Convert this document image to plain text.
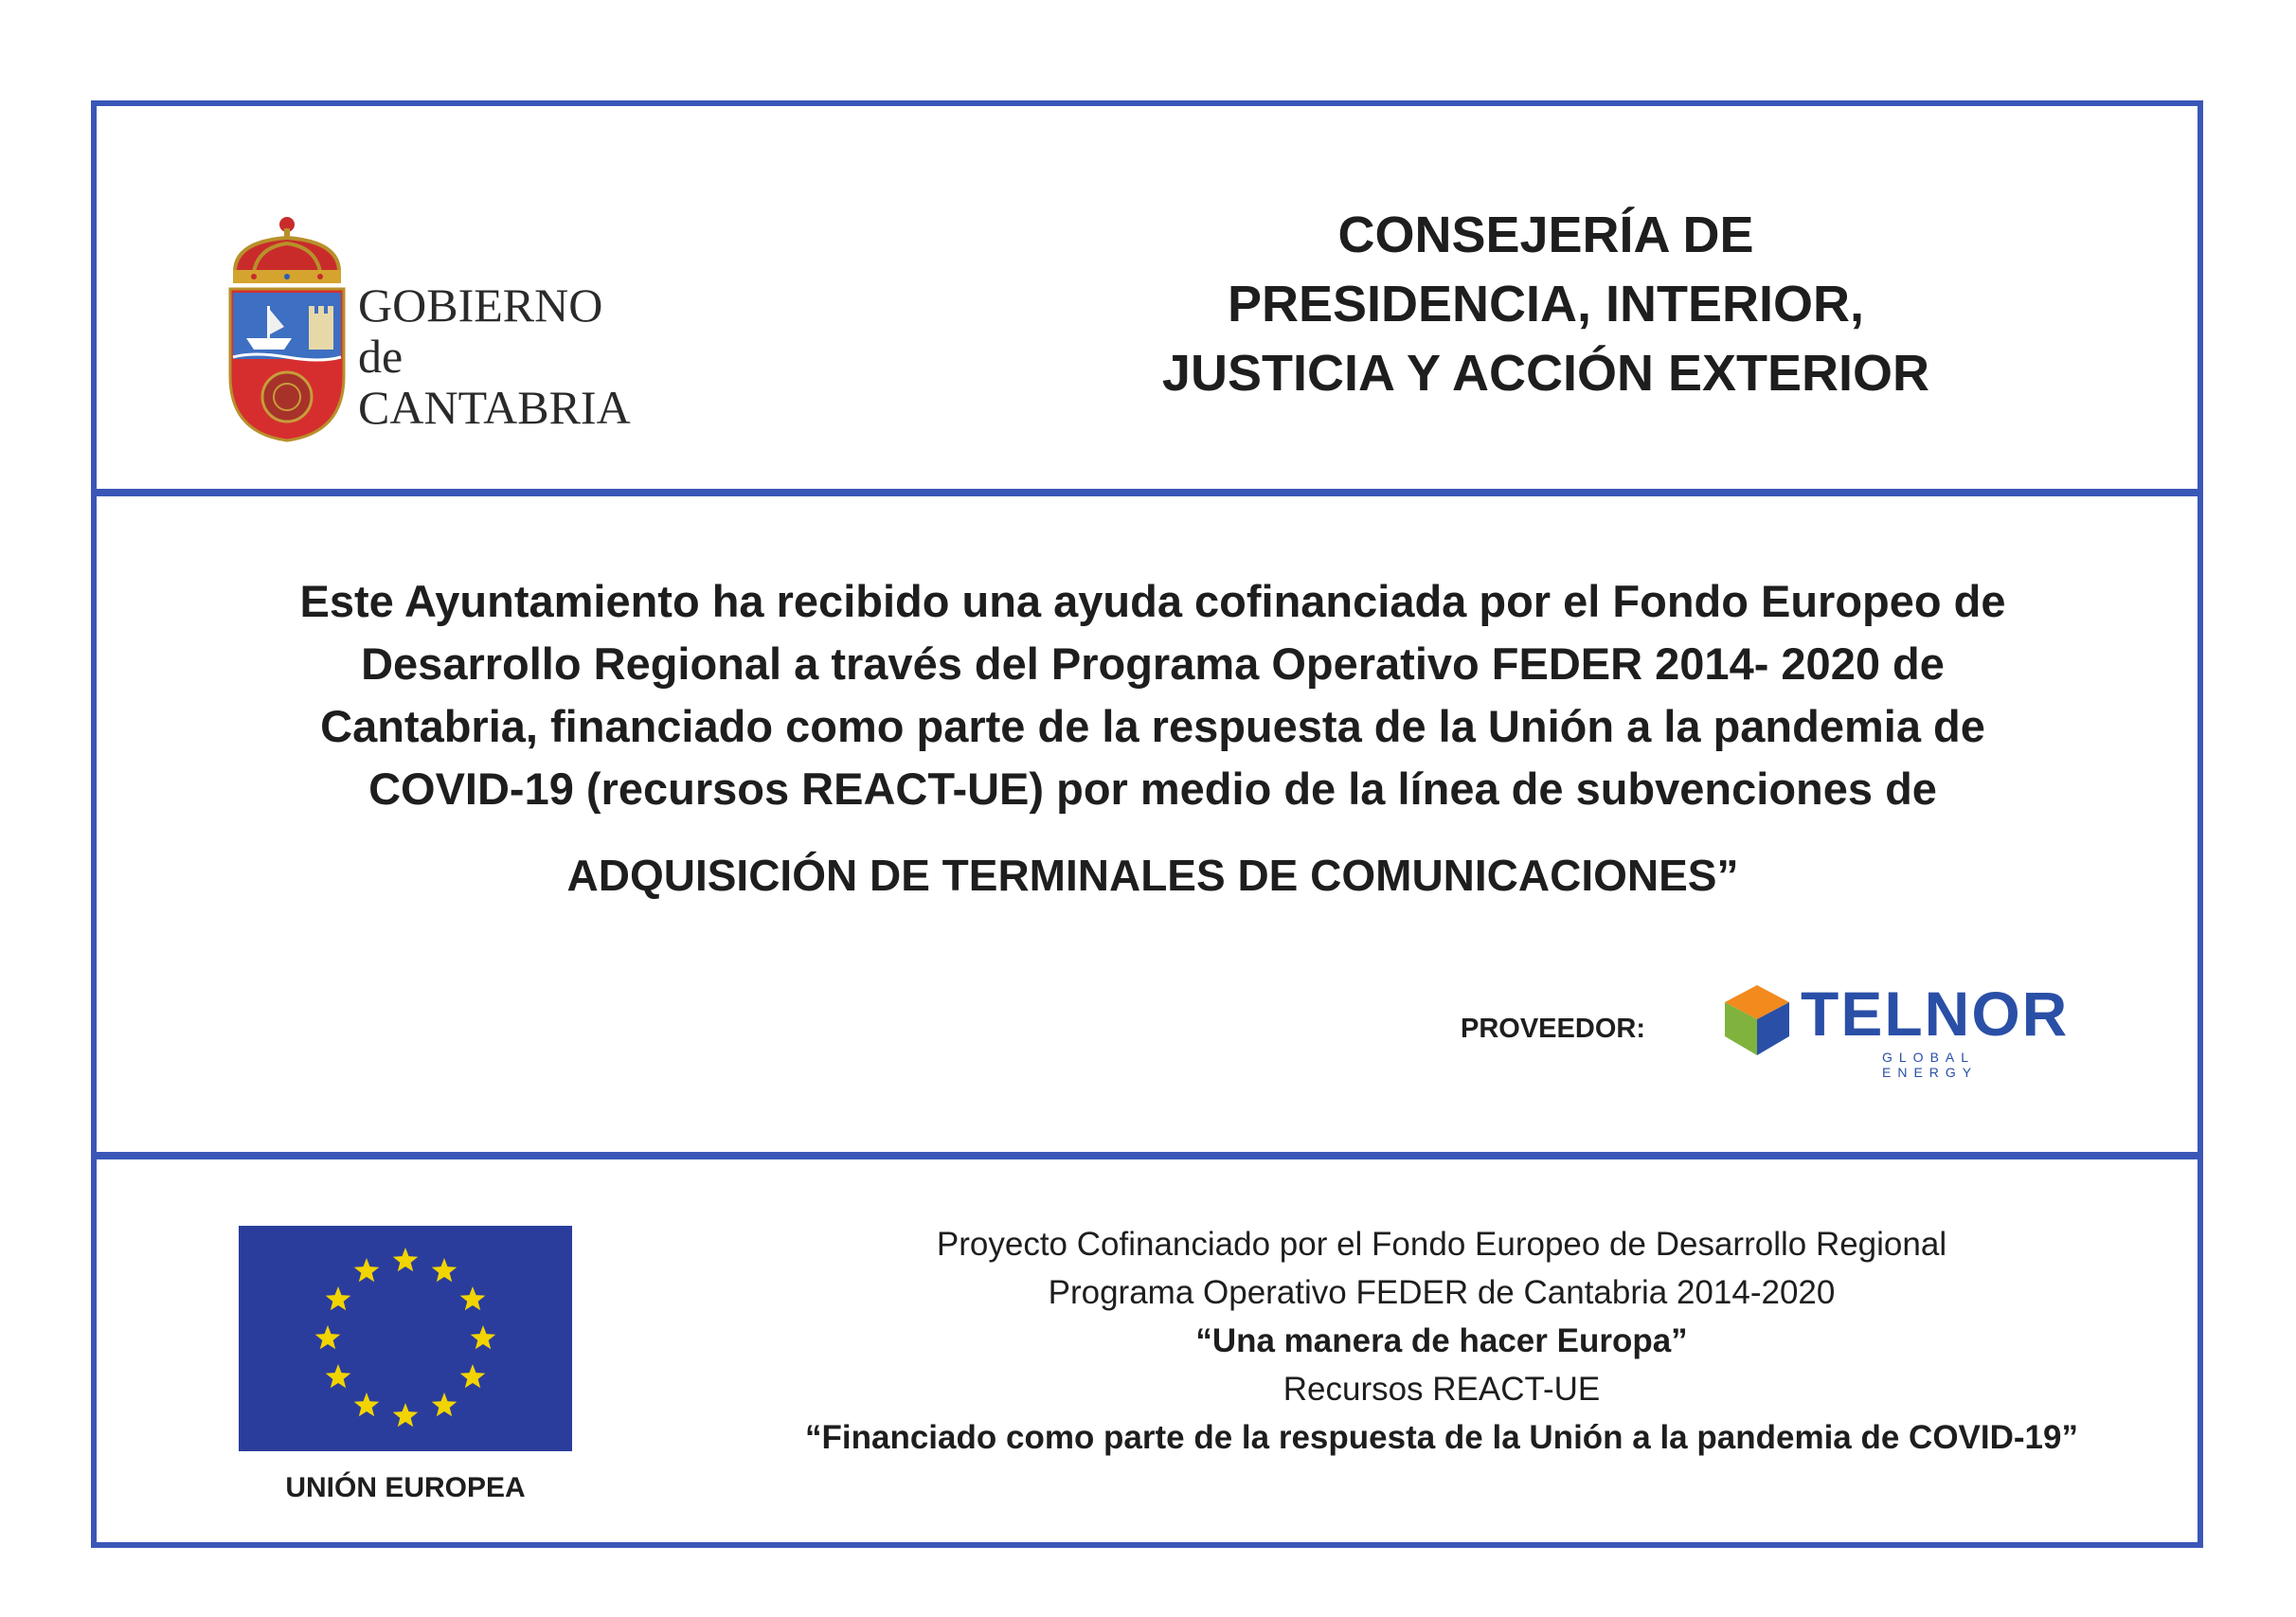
GOBIERNO
de
CANTABRIA
CONSEJERÍA DE
PRESIDENCIA, INTERIOR,
JUSTICIA Y ACCIÓN EXTERIOR
Este Ayuntamiento ha recibido una ayuda cofinanciada por el Fondo Europeo de
Desarrollo Regional a través del Programa Operativo FEDER 2014- 2020 de
Cantabria, financiado como parte de la respuesta de la Unión a la pandemia de
COVID-19 (recursos REACT-UE) por medio de la línea de subvenciones de
ADQUISICIÓN DE TERMINALES DE COMUNICACIONES”
PROVEEDOR: TELNOR
GLOBAL ENERGY
UNIÓN EUROPEA
Proyecto Cofinanciado por el Fondo Europeo de Desarrollo Regional
Programa Operativo FEDER de Cantabria 2014-2020
“Una manera de hacer Europa”
Recursos REACT-UE
“Financiado como parte de la respuesta de la Unión a la pandemia de COVID-19”
